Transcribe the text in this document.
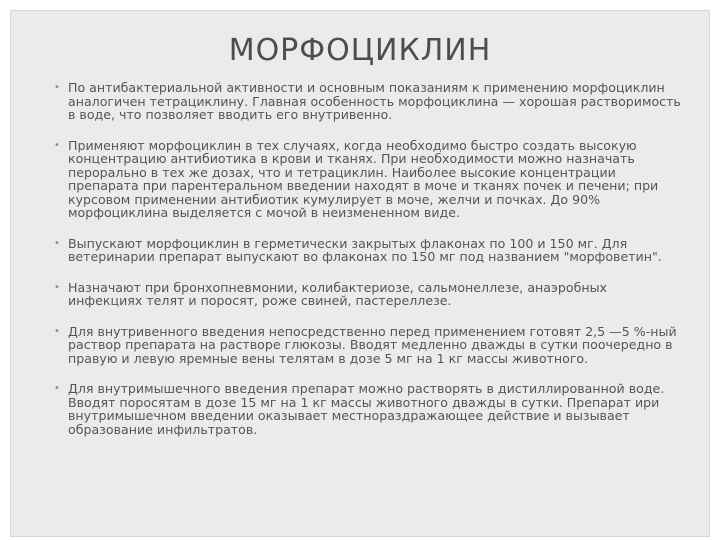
МОРФОЦИКЛИН
• По антибактериальной активности и основным показаниям к применению морфоциклин аналогичен тетрациклину. Главная особенность морфоциклина — хорошая растворимость в воде, что позволяет вводить его внутривенно.
• Применяют морфоциклин в тех случаях, когда необходимо быстро создать высокую концентрацию антибиотика в крови и тканях. При необходимости можно назначать перорально в тех же дозах, что и тетрациклин. Наиболее высокие концентрации препарата при парентеральном введении находят в моче и тканях почек и печени; при курсовом применении антибиотик кумулирует в моче, желчи и почках. До 90% морфоциклина выделяется с мочой в неизмененном виде.
• Выпускают морфоциклин в герметически закрытых флаконах по 100 и 150 мг. Для ветеринарии препарат выпускают во флаконах по 150 мг под названием "морфоветин".
• Назначают при бронхопневмонии, колибактериозе, сальмонеллезе, анаэробных инфекциях телят и поросят, роже свиней, пастереллезе.
• Для внутривенного введения непосредственно перед применением готовят 2,5 —5 %-ный раствор препарата на растворе глюкозы. Вводят медленно дважды в сутки поочередно в правую и левую яремные вены телятам в дозе 5 мг на 1 кг массы животного.
• Для внутримышечного введения препарат можно растворять в дистиллированной воде. Вводят поросятам в дозе 15 мг на 1 кг массы животного дважды в сутки. Препарат ири внутримышечном введении оказывает местнораздражающее действие и вызывает образование инфильтратов.
